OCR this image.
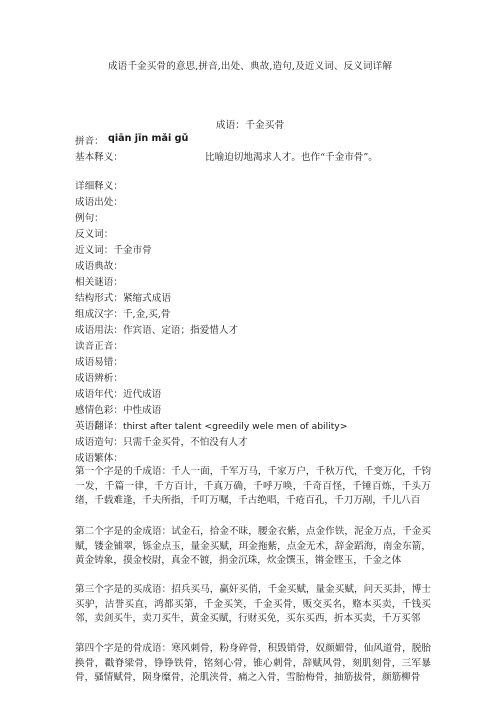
成语千金买骨的意思,拼音,出处、典故,造句,及近义词、反义词详解
成语：千金买骨
拼音： qiān jīn mǎi gǔ
基本释义：	比喻迫切地渴求人才。也作“千金市骨”。
详细释义：
成语出处：
例句：
反义词：
近义词：千金市骨
成语典故：
相关谜语：
结构形式：紧缩式成语
组成汉字：千,金,买,骨
成语用法：作宾语、定语；指爱惜人才
读音正音：
成语易错：
成语辨析：
成语年代：近代成语
感情色彩：中性成语
英语翻译：thirst after talent <greedily wele men of ability>
成语造句：只需千金买骨，不怕没有人才
成语繁体：
第一个字是的千成语：千人一面，千军万马，千家万户，千秋万代，千变万化，千钧一发，千篇一律，千方百计，千真万确，千呼万唤，千奇百怪，千锤百炼，千头万绪，千载难逢，千夫所指，千叮万嘱，千古绝唱，千疮百孔，千刀万剐，千儿八百
第二个字是的金成语：试金石，拾金不昧，腰金衣紫，点金作铁，泥金万点，千金买赋，镂金铺翠，铄金点玉，量金买赋，珥金拖紫，点金无术，辞金蹈海，南金东箭，黄金铸象，摸金校尉，真金不镀，捐金沉珠，炊金馔玉，锵金铿玉，千金之体
第三个字是的买成语：招兵买马，赢奸买俏，千金买赋，量金买赋，问天买卦，博士买驴，沽誉买直，鸿都买第，千金买笑，千金买骨，贩交买名，赂本买卖，千钱买邻，卖剑买牛，卖刀买牛，黄金买赋，行财买免，买东买西，折本买卖，千万买邻
第四个字是的骨成语：寒风刺骨，粉身碎骨，积毁销骨，奴颜媚骨，仙风道骨，脱胎换骨，戳脊梁骨，铮铮铁骨，铭刻心骨，锥心刺骨，辞赋风骨，刻肌刻骨，三军暴骨，骚情赋骨，陨身糜骨，沦肌浃骨，痛之入骨，雪胎梅骨，抽筋拔骨，颜筋柳骨
